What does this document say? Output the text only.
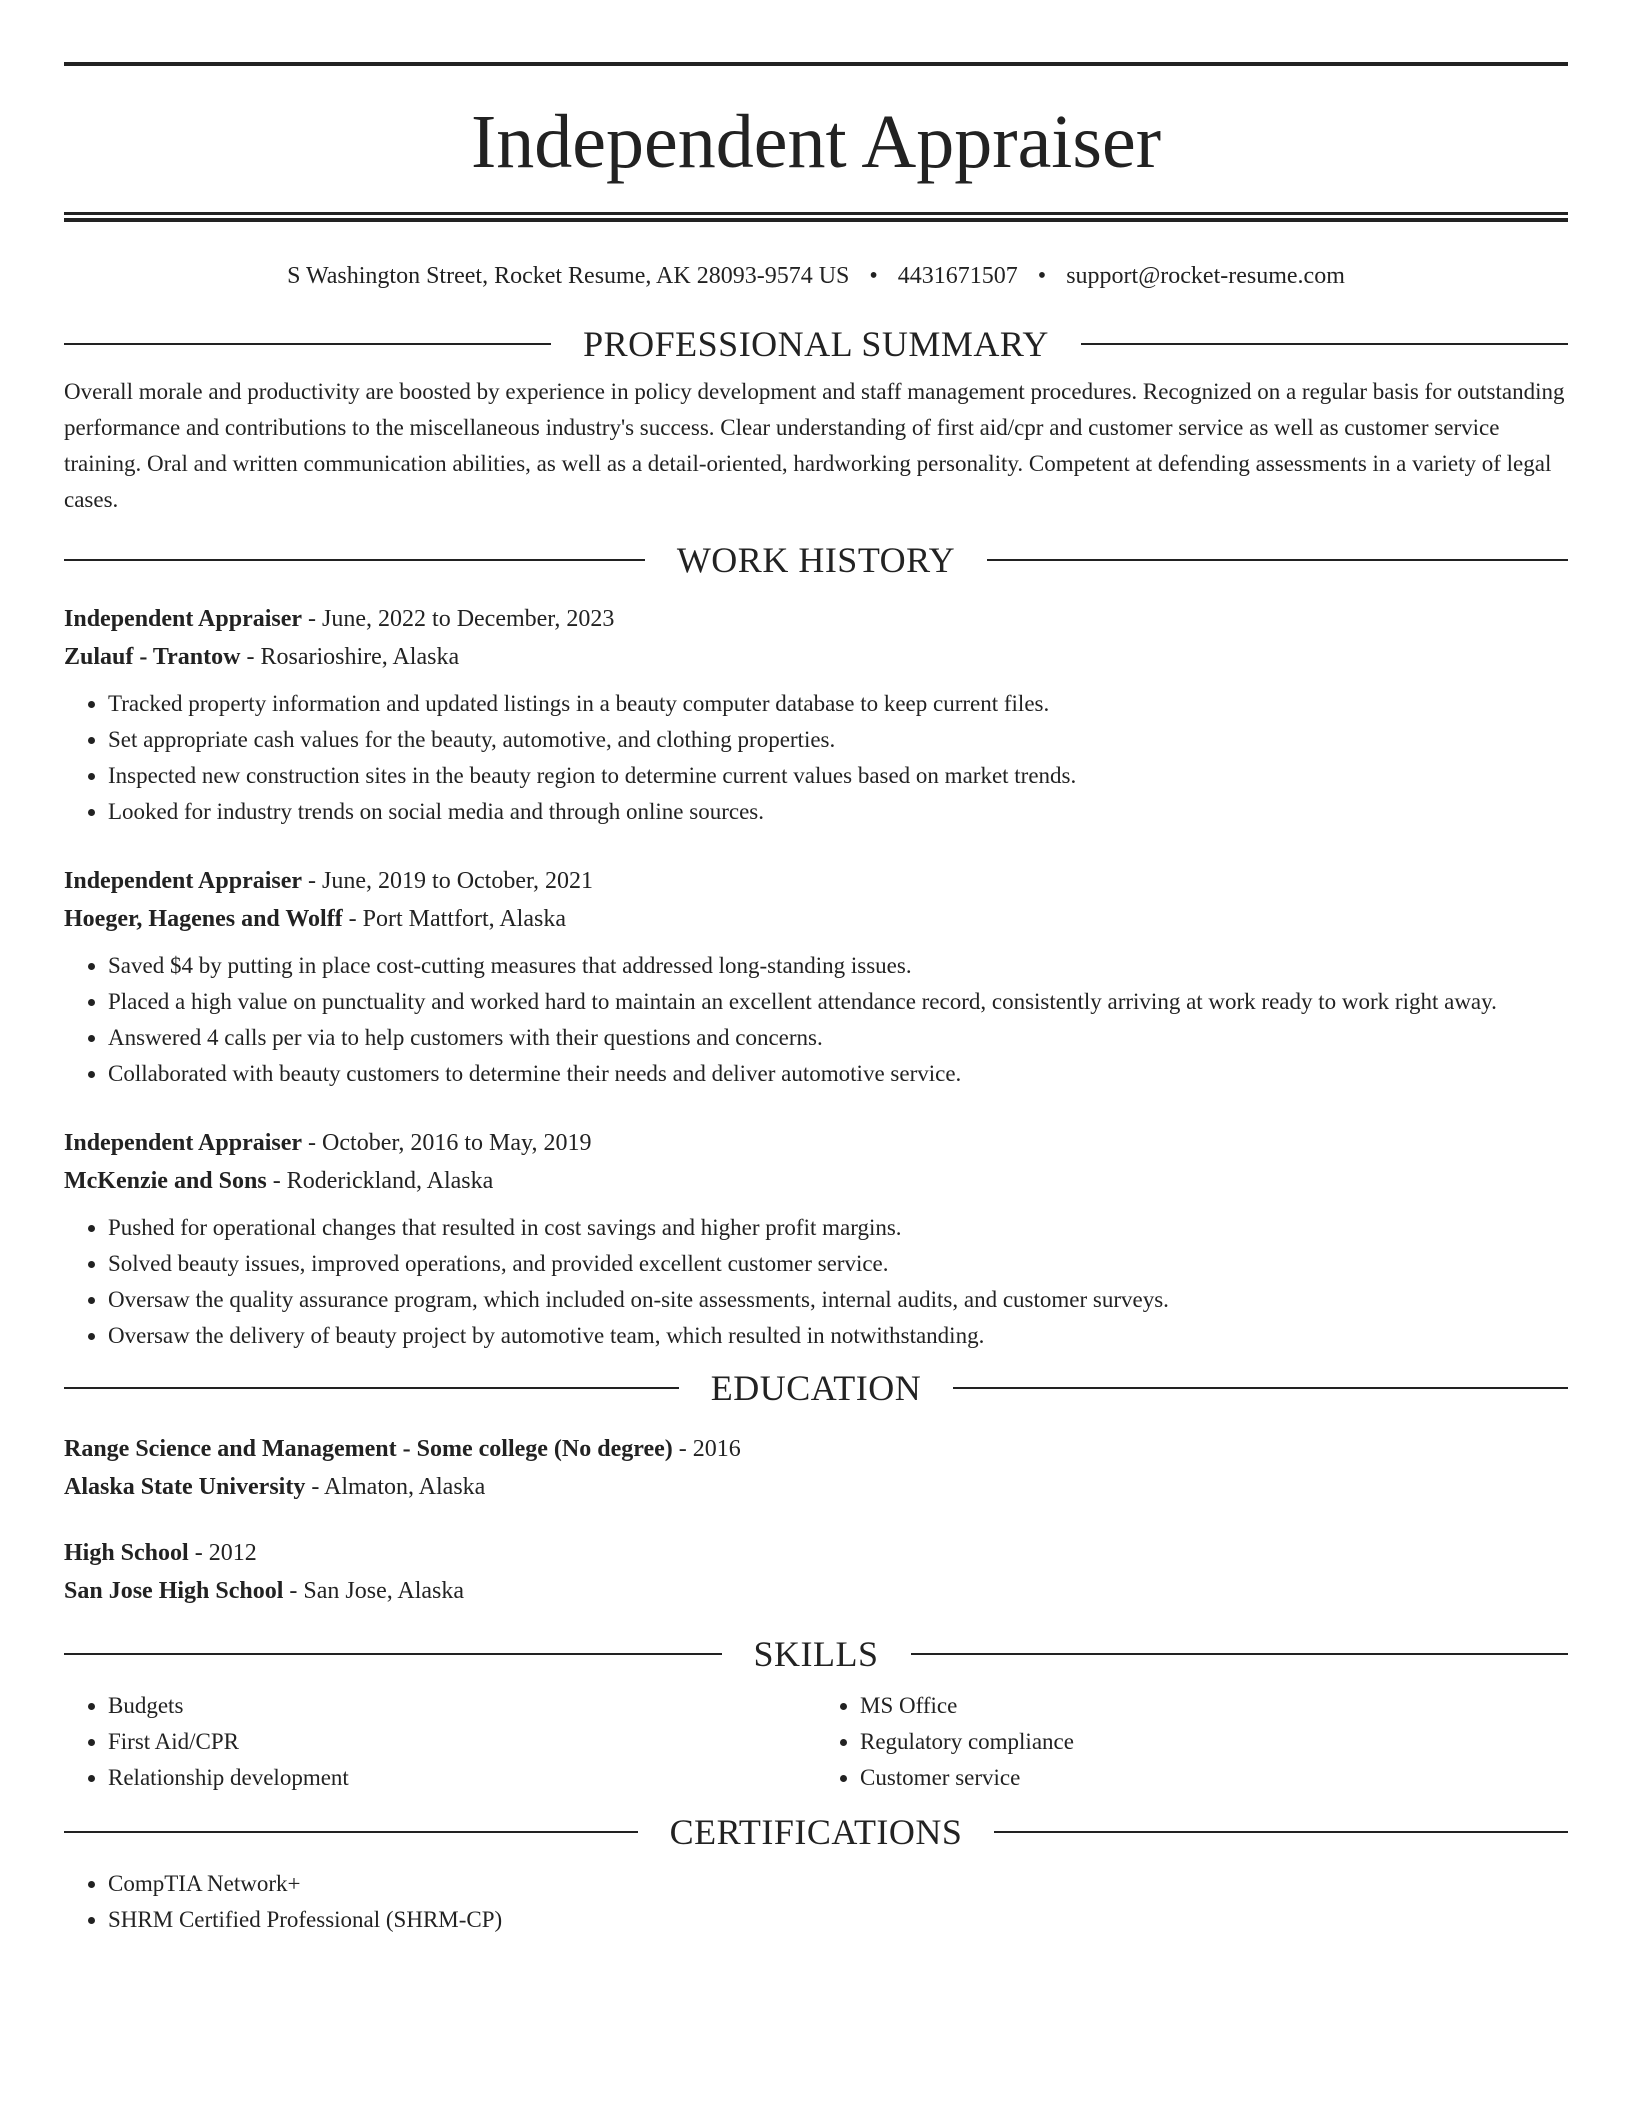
Independent Appraiser
S Washington Street, Rocket Resume, AK 28093-9574 US • 4431671507 • support@rocket-resume.com
PROFESSIONAL SUMMARY
Overall morale and productivity are boosted by experience in policy development and staff management procedures. Recognized on a regular basis for outstanding performance and contributions to the miscellaneous industry's success. Clear understanding of first aid/cpr and customer service as well as customer service training. Oral and written communication abilities, as well as a detail-oriented, hardworking personality. Competent at defending assessments in a variety of legal cases.
WORK HISTORY
Independent Appraiser - June, 2022 to December, 2023
Zulauf - Trantow - Rosarioshire, Alaska
• Tracked property information and updated listings in a beauty computer database to keep current files.
• Set appropriate cash values for the beauty, automotive, and clothing properties.
• Inspected new construction sites in the beauty region to determine current values based on market trends.
• Looked for industry trends on social media and through online sources.
Independent Appraiser - June, 2019 to October, 2021
Hoeger, Hagenes and Wolff - Port Mattfort, Alaska
• Saved $4 by putting in place cost-cutting measures that addressed long-standing issues.
• Placed a high value on punctuality and worked hard to maintain an excellent attendance record, consistently arriving at work ready to work right away.
• Answered 4 calls per via to help customers with their questions and concerns.
• Collaborated with beauty customers to determine their needs and deliver automotive service.
Independent Appraiser - October, 2016 to May, 2019
McKenzie and Sons - Roderickland, Alaska
• Pushed for operational changes that resulted in cost savings and higher profit margins.
• Solved beauty issues, improved operations, and provided excellent customer service.
• Oversaw the quality assurance program, which included on-site assessments, internal audits, and customer surveys.
• Oversaw the delivery of beauty project by automotive team, which resulted in notwithstanding.
EDUCATION
Range Science and Management - Some college (No degree) - 2016
Alaska State University - Almaton, Alaska
High School - 2012
San Jose High School - San Jose, Alaska
SKILLS
• Budgets
• First Aid/CPR
• Relationship development
• MS Office
• Regulatory compliance
• Customer service
CERTIFICATIONS
• CompTIA Network+
• SHRM Certified Professional (SHRM-CP)
